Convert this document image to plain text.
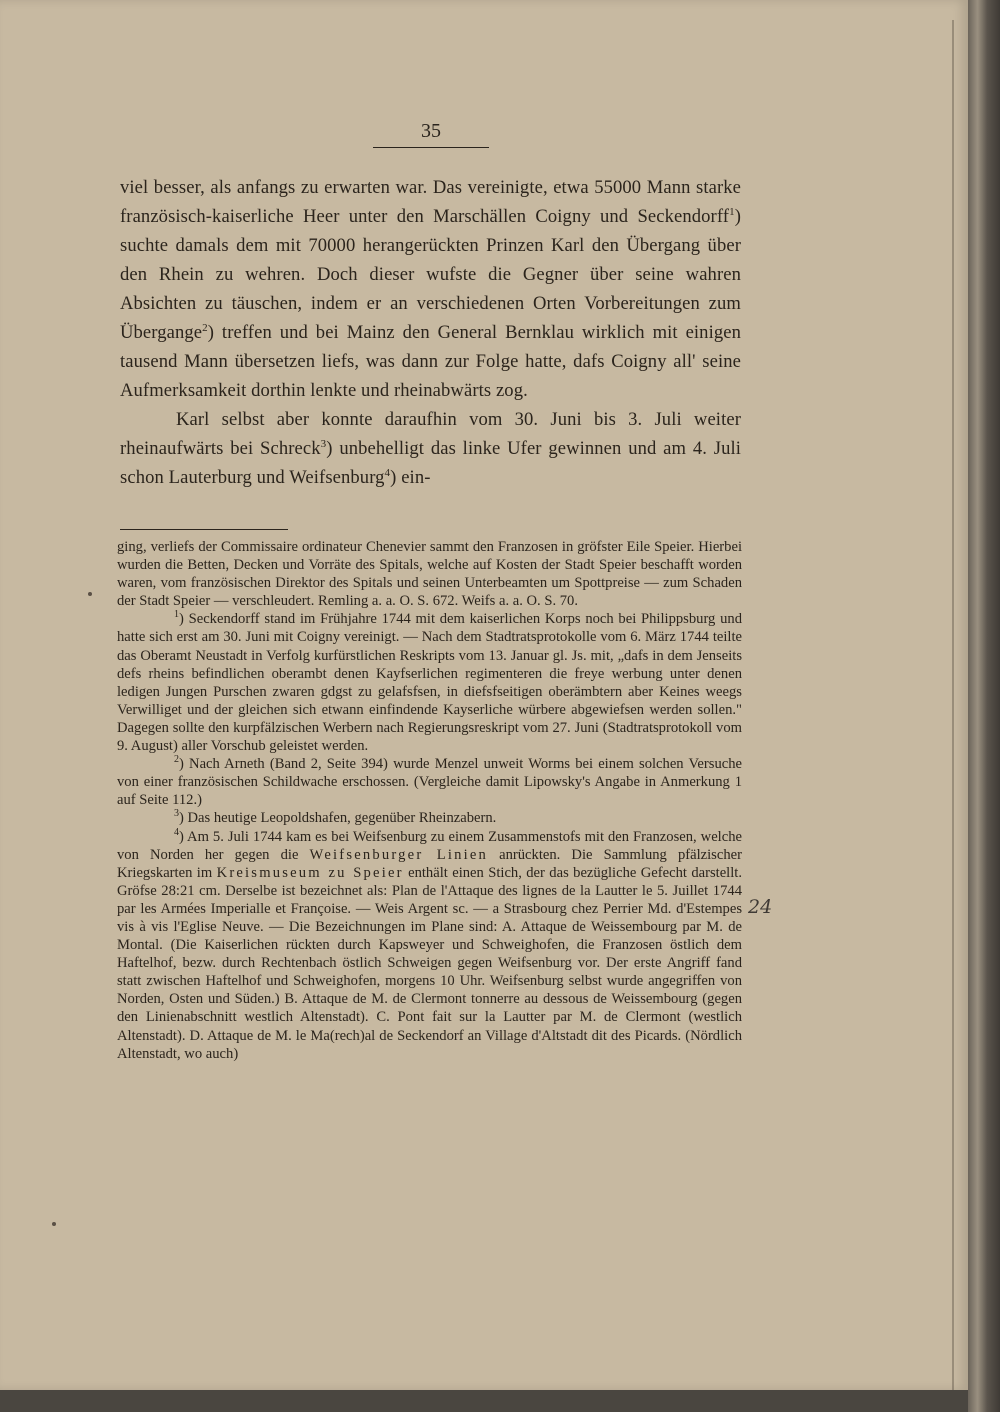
35

viel besser, als anfangs zu erwarten war. Das vereinigte, etwa 55000 Mann starke französisch-kaiserliche Heer unter den Marschällen Coigny und Seckendorff$^1$) suchte damals dem mit 70000 herangerückten Prinzen Karl den Übergang über den Rhein zu wehren. Doch dieser wufste die Gegner über seine wahren Absichten zu täuschen, indem er an verschiedenen Orten Vorbereitungen zum Übergange$^2$) treffen und bei Mainz den General Bernklau wirklich mit einigen tausend Mann übersetzen liefs, was dann zur Folge hatte, dafs Coigny all' seine Aufmerksamkeit dorthin lenkte und rheinabwärts zog.

Karl selbst aber konnte daraufhin vom 30. Juni bis 3. Juli weiter rheinaufwärts bei Schreck$^3$) unbehelligt das linke Ufer gewinnen und am 4. Juli schon Lauterburg und Weifsenburg$^4$) ein-

ging, verliefs der Commissaire ordinateur Chenevier sammt den Franzosen in gröfster Eile Speier. Hierbei wurden die Betten, Decken und Vorräte des Spitals, welche auf Kosten der Stadt Speier beschafft worden waren, vom französischen Direktor des Spitals und seinen Unterbeamten um Spottpreise — zum Schaden der Stadt Speier — verschleudert. Remling a. a. O. S. 672. Weifs a. a. O. S. 70.

$^1$) Seckendorff stand im Frühjahre 1744 mit dem kaiserlichen Korps noch bei Philippsburg und hatte sich erst am 30. Juni mit Coigny vereinigt. — Nach dem Stadtratsprotokolle vom 6. März 1744 teilte das Oberamt Neustadt in Verfolg kurfürstlichen Reskripts vom 13. Januar gl. Js. mit, „dafs in dem Jenseits defs rheins befindlichen oberambt denen Kayfserlichen regimenteren die freye werbung unter denen ledigen Jungen Purschen zwaren gdgst zu gelafsfsen, in diefsfseitigen oberämbtern aber Keines weegs Verwilliget und der gleichen sich etwann einfindende Kayserliche würbere abgewiefsen werden sollen." Dagegen sollte den kurpfälzischen Werbern nach Regierungsreskript vom 27. Juni (Stadtratsprotokoll vom 9. August) aller Vorschub geleistet werden.

$^2$) Nach Arneth (Band 2, Seite 394) wurde Menzel unweit Worms bei einem solchen Versuche von einer französischen Schildwache erschossen. (Vergleiche damit Lipowsky's Angabe in Anmerkung 1 auf Seite 112.)

$^3$) Das heutige Leopoldshafen, gegenüber Rheinzabern.

$^4$) Am 5. Juli 1744 kam es bei Weifsenburg zu einem Zusammenstofs mit den Franzosen, welche von Norden her gegen die Weifsenburger Linien anrückten. Die Sammlung pfälzischer Kriegskarten im Kreismuseum zu Speier enthält einen Stich, der das bezügliche Gefecht darstellt. Gröfse 28:21 cm. Derselbe ist bezeichnet als: Plan de l'Attaque des lignes de la Lautter le 5. Juillet 1744 par les Armées Imperialle et Françoise. — Weis Argent sc. — a Strasbourg chez Perrier Md. d'Estempes vis à vis l'Eglise Neuve. — Die Bezeichnungen im Plane sind: A. Attaque de Weissembourg par M. de Montal. (Die Kaiserlichen rückten durch Kapsweyer und Schweighofen, die Franzosen östlich dem Haftelhof, bezw. durch Rechtenbach östlich Schweigen gegen Weifsenburg vor. Der erste Angriff fand statt zwischen Haftelhof und Schweighofen, morgens 10 Uhr. Weifsenburg selbst wurde angegriffen von Norden, Osten und Süden.) B. Attaque de M. de Clermont tonnerre au dessous de Weissembourg (gegen den Linienabschnitt westlich Altenstadt). C. Pont fait sur la Lautter par M. de Clermont (westlich Altenstadt). D. Attaque de M. le Ma(rech)al de Seckendorf an Village d'Altstadt dit des Picards. (Nördlich Altenstadt, wo auch)

24
